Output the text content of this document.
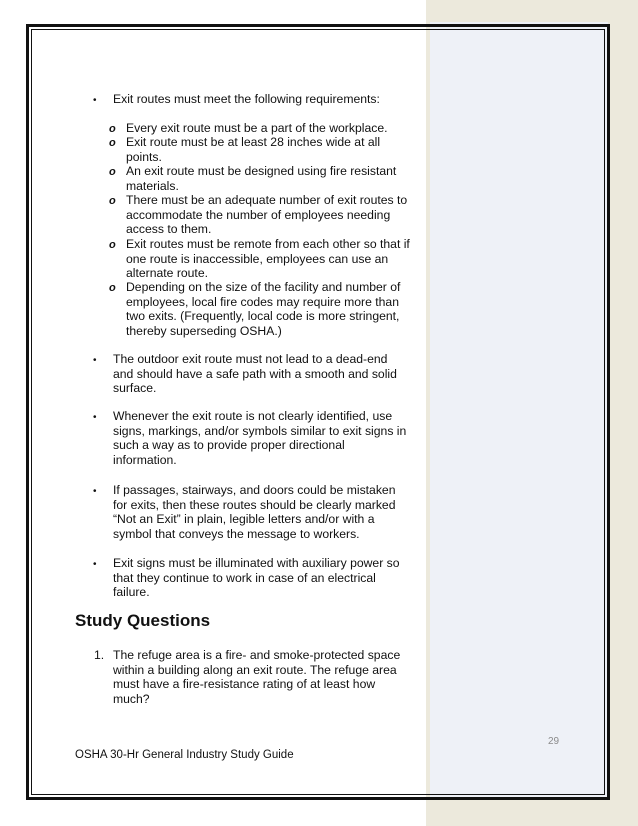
• Exit routes must meet the following requirements:
o Every exit route must be a part of the workplace.
o Exit route must be at least 28 inches wide at all
points.
o An exit route must be designed using fire resistant
materials.
o There must be an adequate number of exit routes to
accommodate the number of employees needing
access to them.
o Exit routes must be remote from each other so that if
one route is inaccessible, employees can use an
alternate route.
o Depending on the size of the facility and number of
employees, local fire codes may require more than
two exits. (Frequently, local code is more stringent,
thereby superseding OSHA.)
• The outdoor exit route must not lead to a dead-end
and should have a safe path with a smooth and solid
surface.
• Whenever the exit route is not clearly identified, use
signs, markings, and/or symbols similar to exit signs in
such a way as to provide proper directional
information.
• If passages, stairways, and doors could be mistaken
for exits, then these routes should be clearly marked
“Not an Exit” in plain, legible letters and/or with a
symbol that conveys the message to workers.
• Exit signs must be illuminated with auxiliary power so
that they continue to work in case of an electrical
failure.
Study Questions
1. The refuge area is a fire- and smoke-protected space
within a building along an exit route. The refuge area
must have a fire-resistance rating of at least how
much?
29
OSHA 30-Hr General Industry Study Guide
